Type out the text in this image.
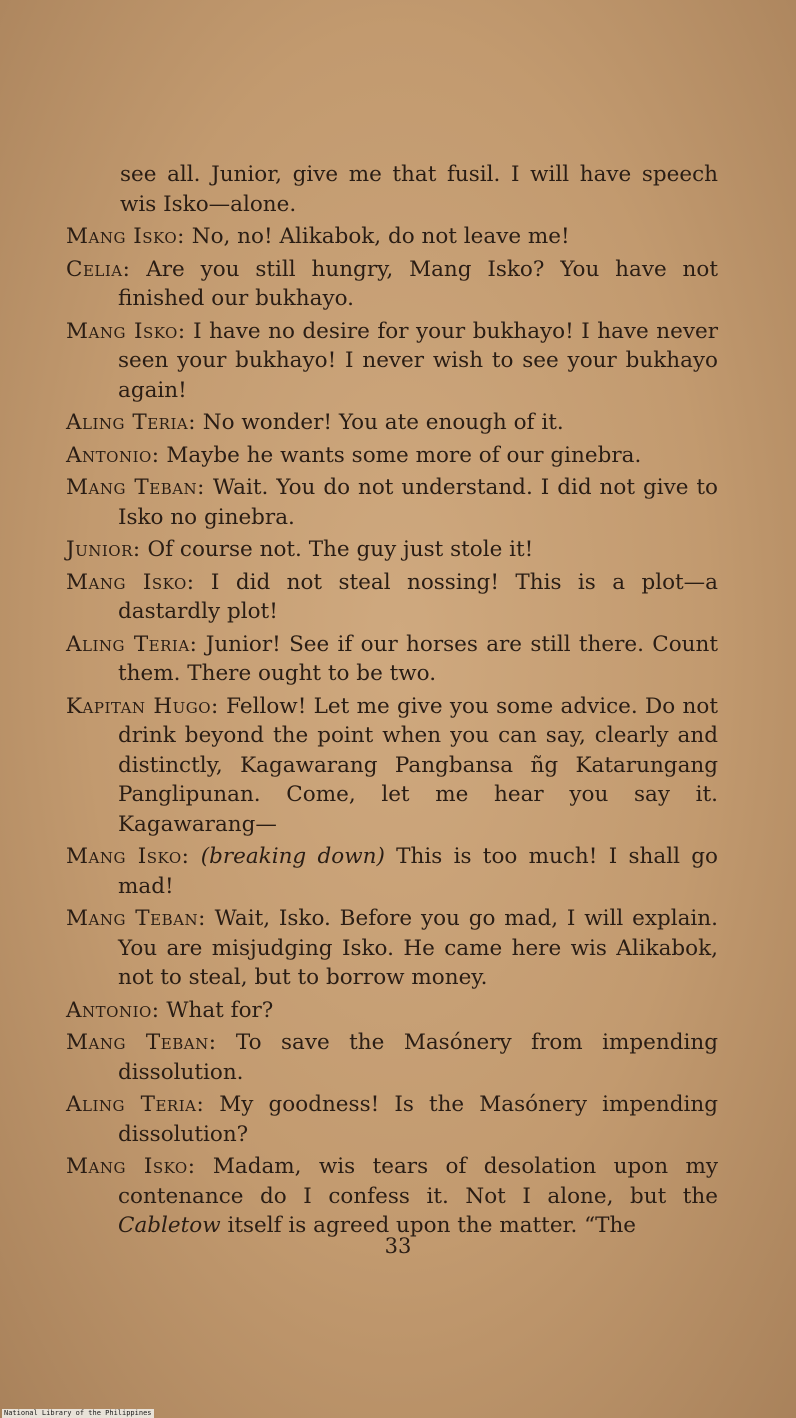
see all. Junior, give me that fusil. I will have speech wis Isko—alone.

Mang Isko: No, no! Alikabok, do not leave me!

Celia: Are you still hungry, Mang Isko? You have not finished our bukhayo.

Mang Isko: I have no desire for your bukhayo! I have never seen your bukhayo! I never wish to see your bukhayo again!

Aling Teria: No wonder! You ate enough of it.

Antonio: Maybe he wants some more of our ginebra.

Mang Teban: Wait. You do not understand. I did not give to Isko no ginebra.

Junior: Of course not. The guy just stole it!

Mang Isko: I did not steal nossing! This is a plot—a dastardly plot!

Aling Teria: Junior! See if our horses are still there. Count them. There ought to be two.

Kapitan Hugo: Fellow! Let me give you some advice. Do not drink beyond the point when you can say, clearly and distinctly, Kagawarang Pangbansa ñg Katarungang Panglipunan. Come, let me hear you say it. Kagawarang—

Mang Isko: (breaking down) This is too much! I shall go mad!

Mang Teban: Wait, Isko. Before you go mad, I will explain. You are misjudging Isko. He came here wis Alikabok, not to steal, but to borrow money.

Antonio: What for?

Mang Teban: To save the Masónery from impending dissolution.

Aling Teria: My goodness! Is the Masónery impending dissolution?

Mang Isko: Madam, wis tears of desolation upon my contenance do I confess it. Not I alone, but the Cabletow itself is agreed upon the matter. “The

33
National Library of the Philippines
